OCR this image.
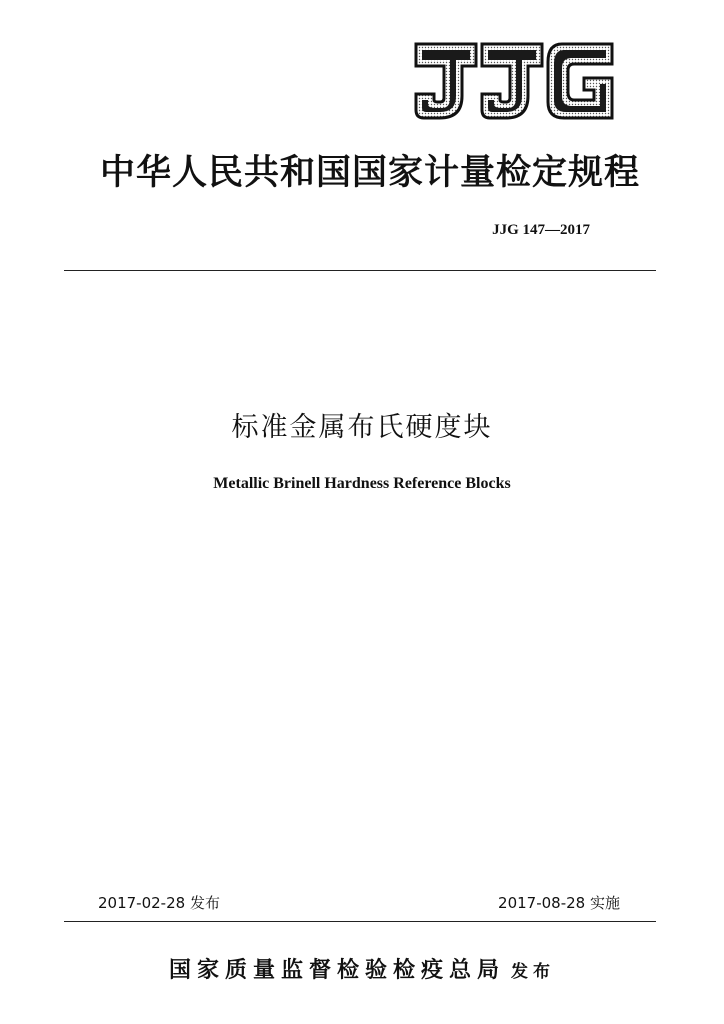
中华人民共和国国家计量检定规程
JJG 147—2017
标准金属布氏硬度块
Metallic Brinell Hardness Reference Blocks
2017-02-28 发布	2017-08-28 实施
国家质量监督检验检疫总局 发布
